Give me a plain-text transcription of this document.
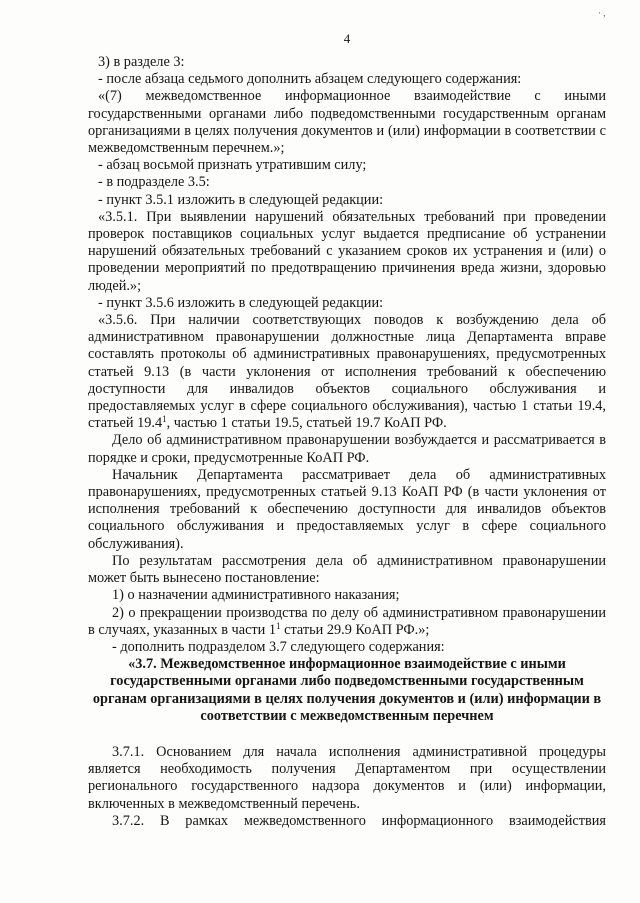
· ,
4

3) в разделе 3:

- после абзаца седьмого дополнить абзацем следующего содержания:

«(7) межведомственное информационное взаимодействие с иными государственными органами либо подведомственными государственным органам организациями в целях получения документов и (или) информации в соответствии с межведомственным перечнем.»;

- абзац восьмой признать утратившим силу;

- в подразделе 3.5:

- пункт 3.5.1 изложить в следующей редакции:

«3.5.1. При выявлении нарушений обязательных требований при проведении проверок поставщиков социальных услуг выдается предписание об устранении нарушений обязательных требований с указанием сроков их устранения и (или) о проведении мероприятий по предотвращению причинения вреда жизни, здоровью людей.»;

- пункт 3.5.6 изложить в следующей редакции:

«3.5.6. При наличии соответствующих поводов к возбуждению дела об административном правонарушении должностные лица Департамента вправе составлять протоколы об административных правонарушениях, предусмотренных статьей 9.13 (в части уклонения от исполнения требований к обеспечению доступности для инвалидов объектов социального обслуживания и предоставляемых услуг в сфере социального обслуживания), частью 1 статьи 19.4, статьей 19.4$^1$, частью 1 статьи 19.5, статьей 19.7 КоАП РФ.

Дело об административном правонарушении возбуждается и рассматривается в порядке и сроки, предусмотренные КоАП РФ.

Начальник Департамента рассматривает дела об административных правонарушениях, предусмотренных статьей 9.13 КоАП РФ (в части уклонения от исполнения требований к обеспечению доступности для инвалидов объектов социального обслуживания и предоставляемых услуг в сфере социального обслуживания).

По результатам рассмотрения дела об административном правонарушении может быть вынесено постановление:

1) о назначении административного наказания;

2) о прекращении производства по делу об административном правонарушении в случаях, указанных в части $1^1$ статьи 29.9 КоАП РФ.»;

- дополнить подразделом 3.7 следующего содержания:

«3.7. Межведомственное информационное взаимодействие с иными государственными органами либо подведомственными государственным органам организациями в целях получения документов и (или) информации в соответствии с межведомственным перечнем

3.7.1. Основанием для начала исполнения административной процедуры является необходимость получения Департаментом при осуществлении регионального государственного надзора документов и (или) информации, включенных в межведомственный перечень.

3.7.2. В рамках межведомственного информационного взаимодействия
